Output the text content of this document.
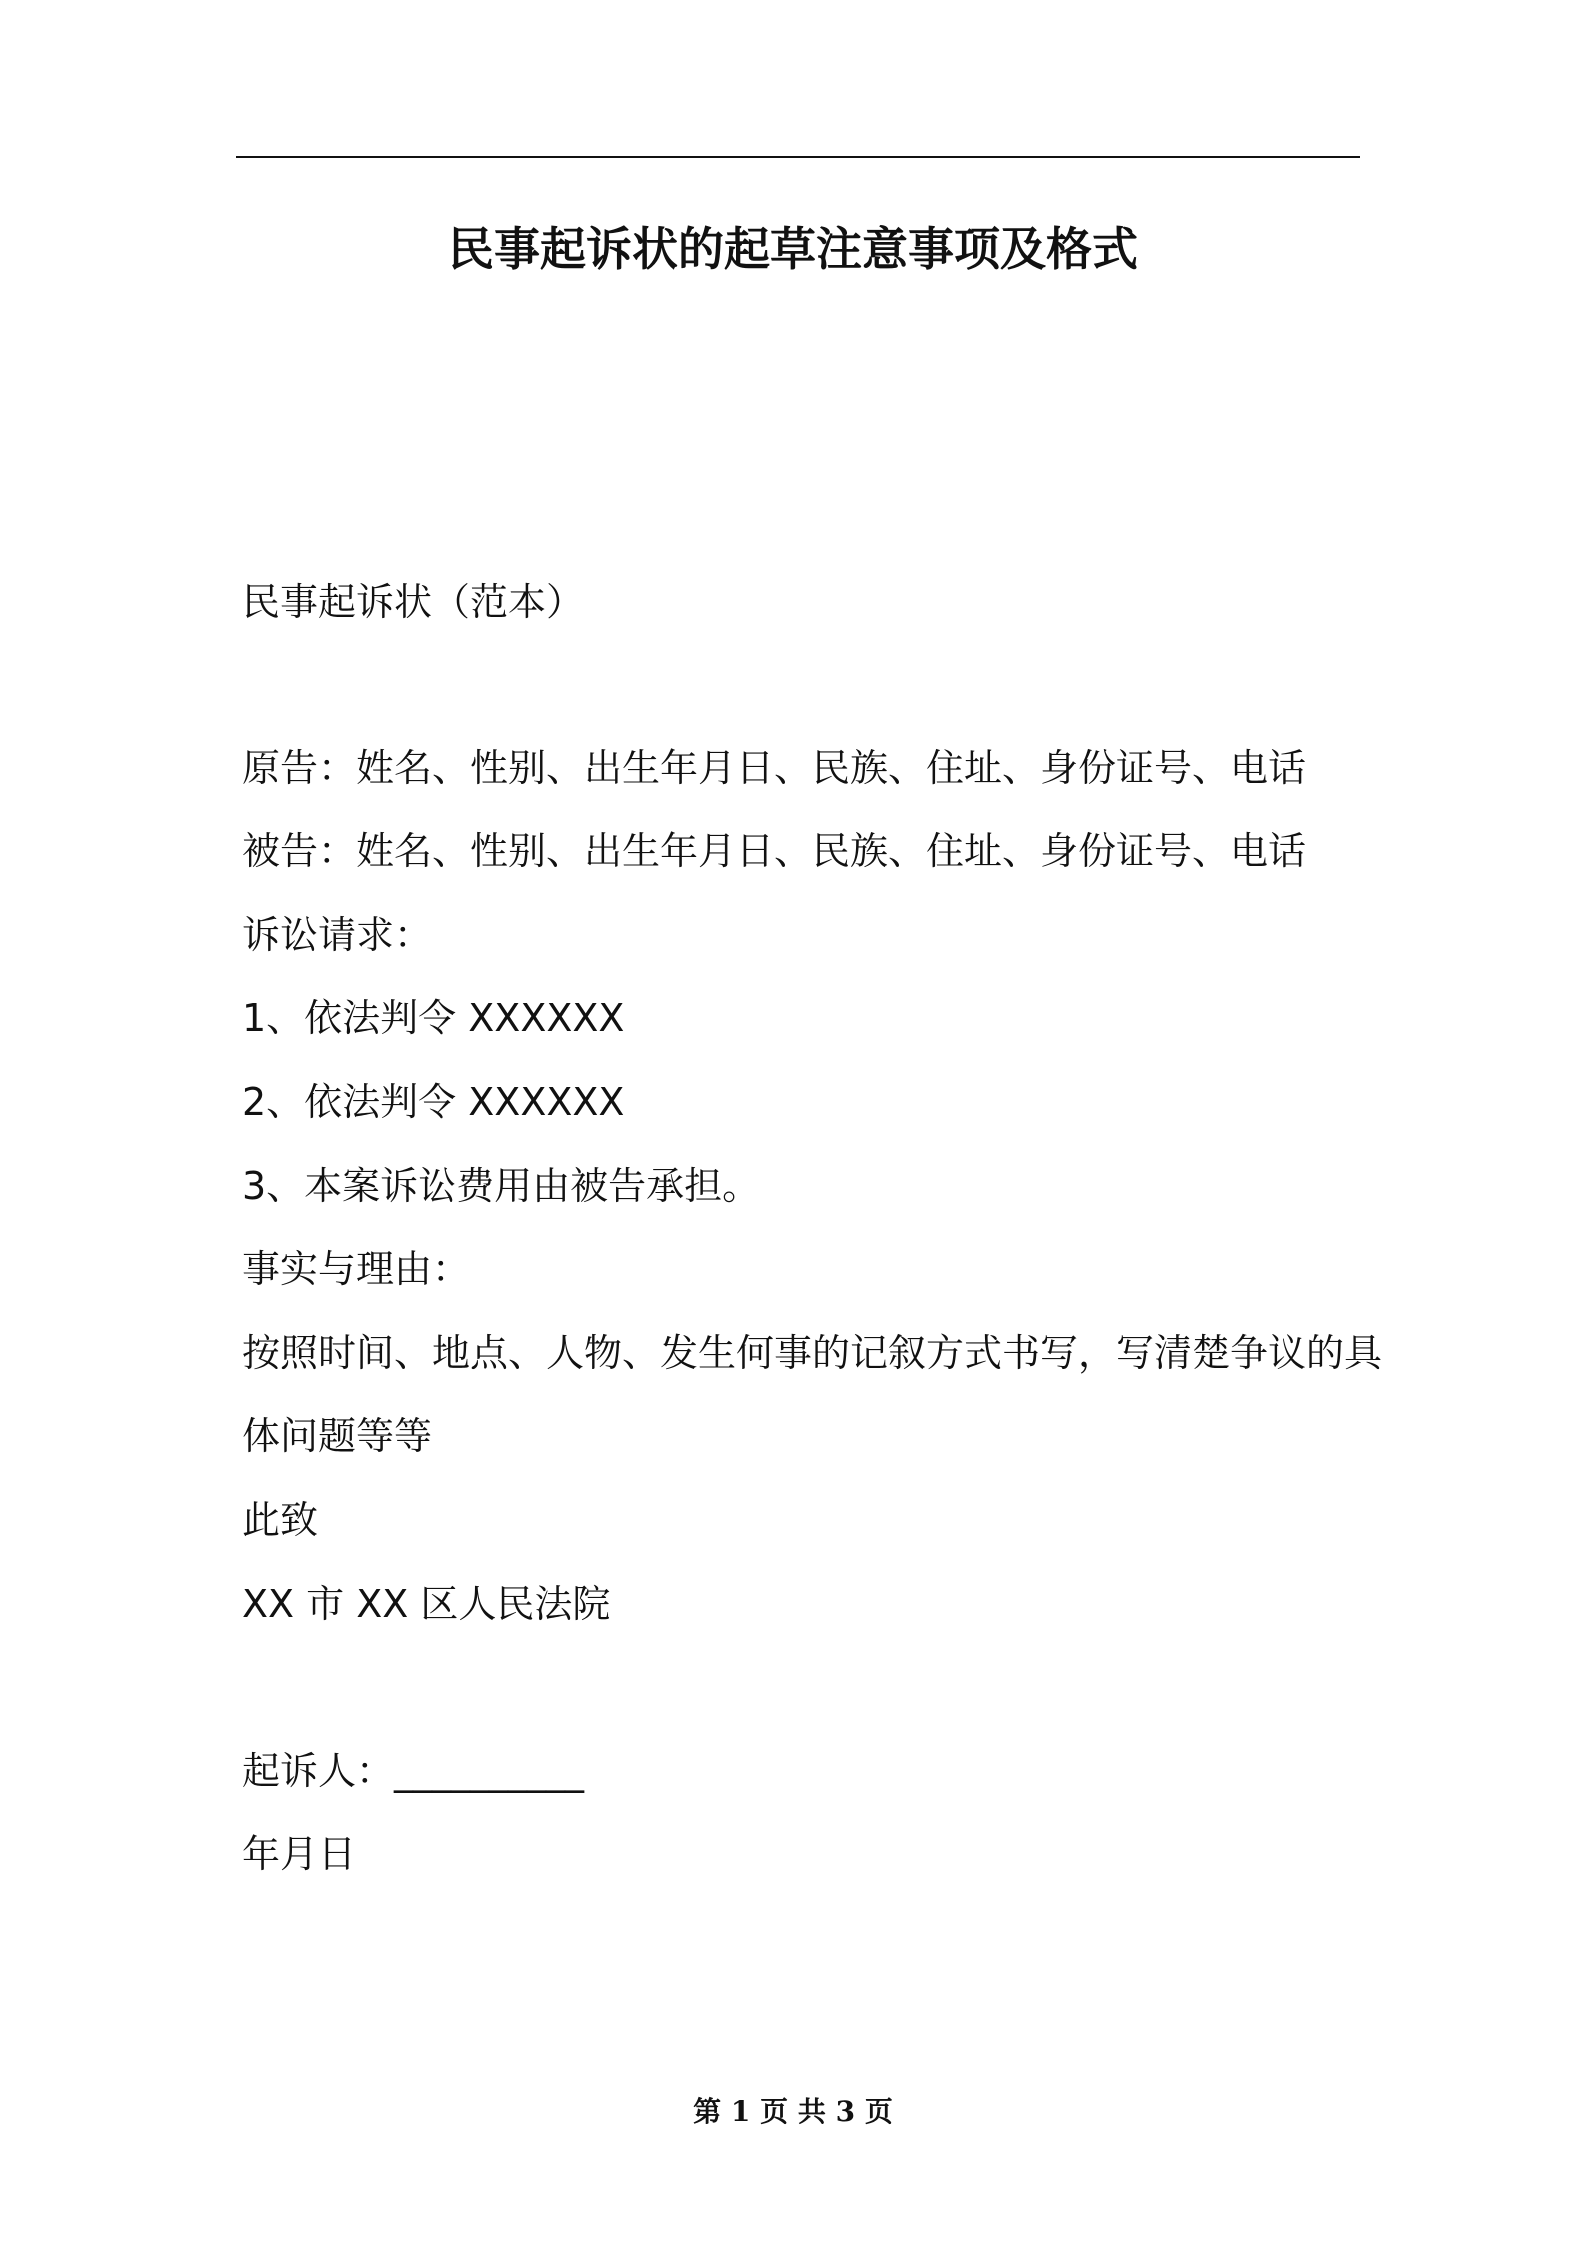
民事起诉状的起草注意事项及格式
民事起诉状（范本）
原告：姓名、性别、出生年月日、民族、住址、身份证号、电话
被告：姓名、性别、出生年月日、民族、住址、身份证号、电话
诉讼请求：
1、依法判令 XXXXXX
2、依法判令 XXXXXX
3、本案诉讼费用由被告承担。
事实与理由：
按照时间、地点、人物、发生何事的记叙方式书写，写清楚争议的具
体问题等等
此致
XX 市 XX 区人民法院
起诉人：__________
年月日
第 1 页 共 3 页
